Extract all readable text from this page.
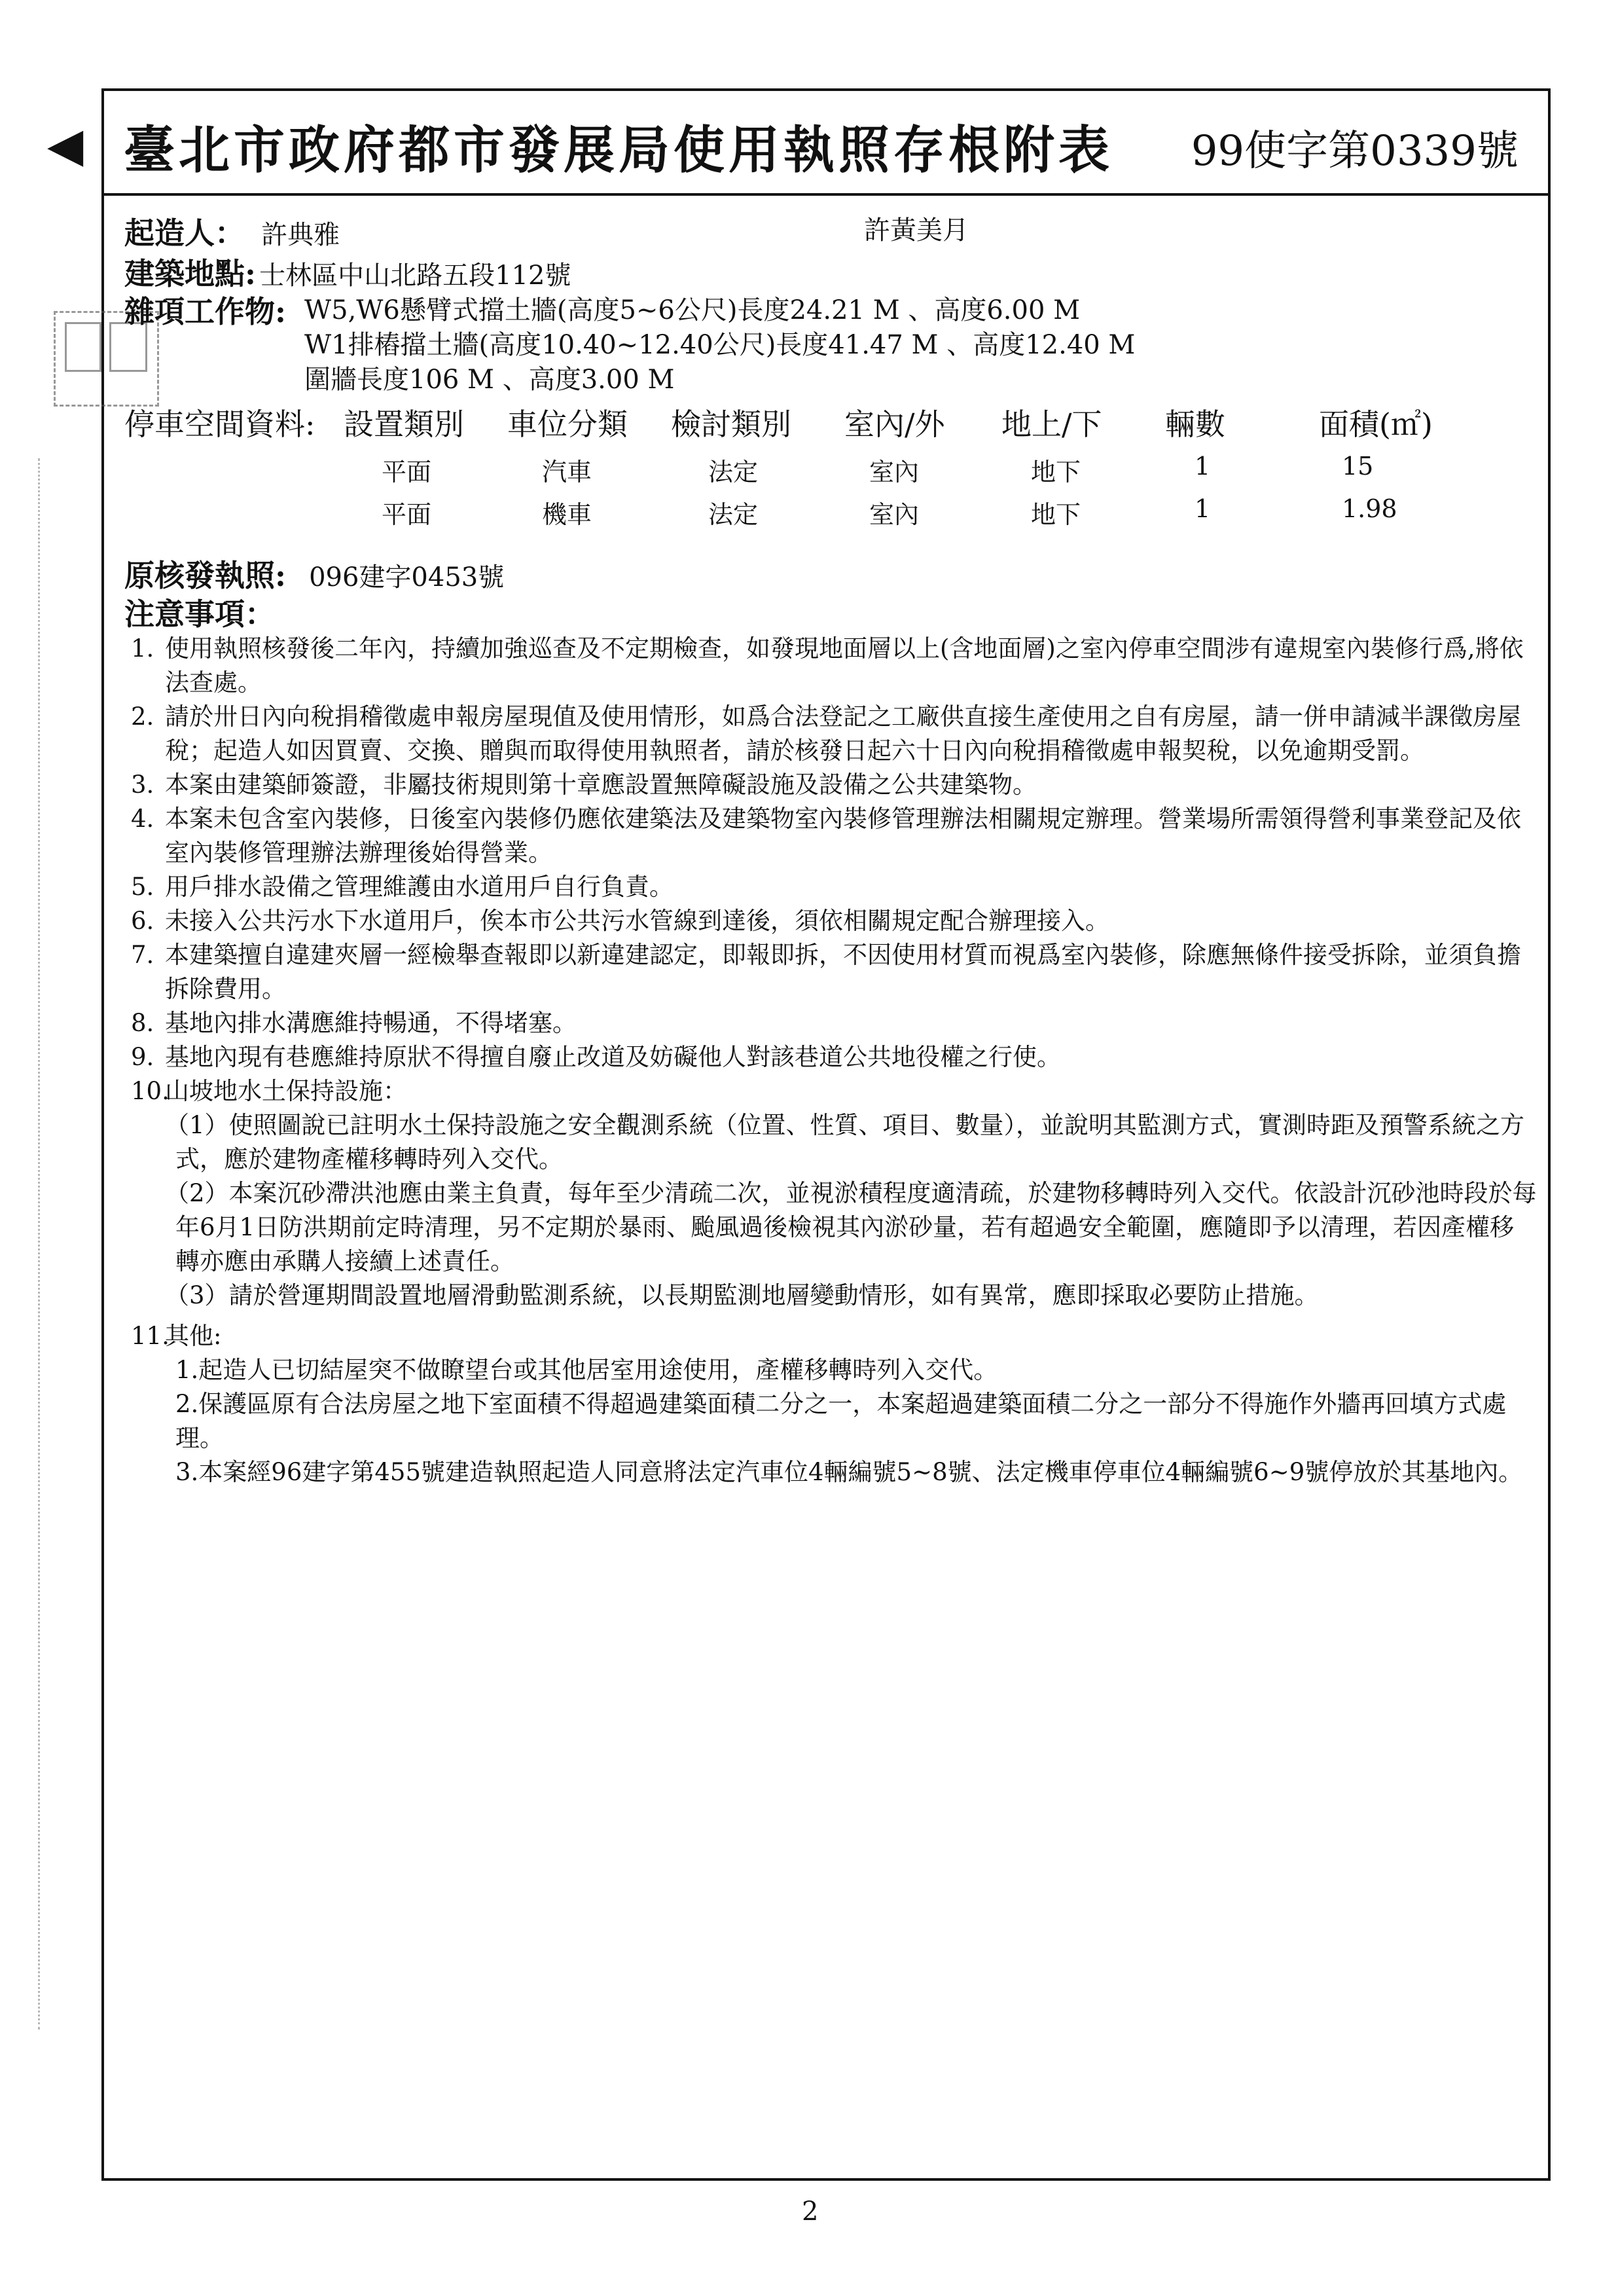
◀ 臺北市政府都市發展局使用執照存根附表 99使字第0339號
起造人： 許典雅	許黃美月
建築地點: 士林區中山北路五段112號
雜項工作物: W5,W6懸臂式擋土牆(高度5~6公尺)長度24.21 M 、高度6.00 M
W1排樁擋土牆(高度10.40~12.40公尺)長度41.47 M 、高度12.40 M
圍牆長度106 M 、高度3.00 M
停車空間資料: 設置類別 車位分類 檢討類別 室內/外 地上/下 輛數	面積(㎡)
平面	汽車	法定	室內	地下	1	15
平面	機車	法定	室內	地下	1	1.98
原核發執照: 096建字0453號
注意事項：
1. 使用執照核發後二年內，持續加強巡查及不定期檢查，如發現地面層以上(含地面層)之室內停車空間涉有違規室內裝修行爲,將依法查處。
2. 請於卅日內向稅捐稽徵處申報房屋現值及使用情形，如爲合法登記之工廠供直接生產使用之自有房屋，請一併申請減半課徵房屋稅；起造人如因買賣、交換、贈與而取得使用執照者，請於核發日起六十日內向稅捐稽徵處申報契稅，以免逾期受罰。
3. 本案由建築師簽證，非屬技術規則第十章應設置無障礙設施及設備之公共建築物。
4. 本案未包含室內裝修，日後室內裝修仍應依建築法及建築物室內裝修管理辦法相關規定辦理。營業場所需領得營利事業登記及依室內裝修管理辦法辦理後始得營業。
5. 用戶排水設備之管理維護由水道用戶自行負責。
6. 未接入公共污水下水道用戶，俟本市公共污水管線到達後，須依相關規定配合辦理接入。
7. 本建築擅自違建夾層一經檢舉查報即以新違建認定，即報即拆，不因使用材質而視爲室內裝修，除應無條件接受拆除，並須負擔拆除費用。
8. 基地內排水溝應維持暢通，不得堵塞。
9. 基地內現有巷應維持原狀不得擅自廢止改道及妨礙他人對該巷道公共地役權之行使。
10.
山坡地水土保持設施：
（1）使照圖說已註明水土保持設施之安全觀測系統（位置、性質、項目、數量），並說明其監測方式，實測時距及預警系統之方式，應於建物產權移轉時列入交代。
（2）本案沉砂滯洪池應由業主負責，每年至少清疏二次，並視淤積程度適清疏，於建物移轉時列入交代。依設計沉砂池時段於每年6月1日防洪期前定時清理，另不定期於暴雨、颱風過後檢視其內淤砂量，若有超過安全範圍，應隨即予以清理，若因產權移轉亦應由承購人接續上述責任。
（3）請於營運期間設置地層滑動監測系統，以長期監測地層變動情形，如有異常，應即採取必要防止措施。
11.
其他:
1.起造人已切結屋突不做瞭望台或其他居室用途使用，產權移轉時列入交代。
2.保護區原有合法房屋之地下室面積不得超過建築面積二分之一，本案超過建築面積二分之一部分不得施作外牆再回填方式處理。
3.本案經96建字第455號建造執照起造人同意將法定汽車位4輛編號5~8號、法定機車停車位4輛編號6~9號停放於其基地內。
2
